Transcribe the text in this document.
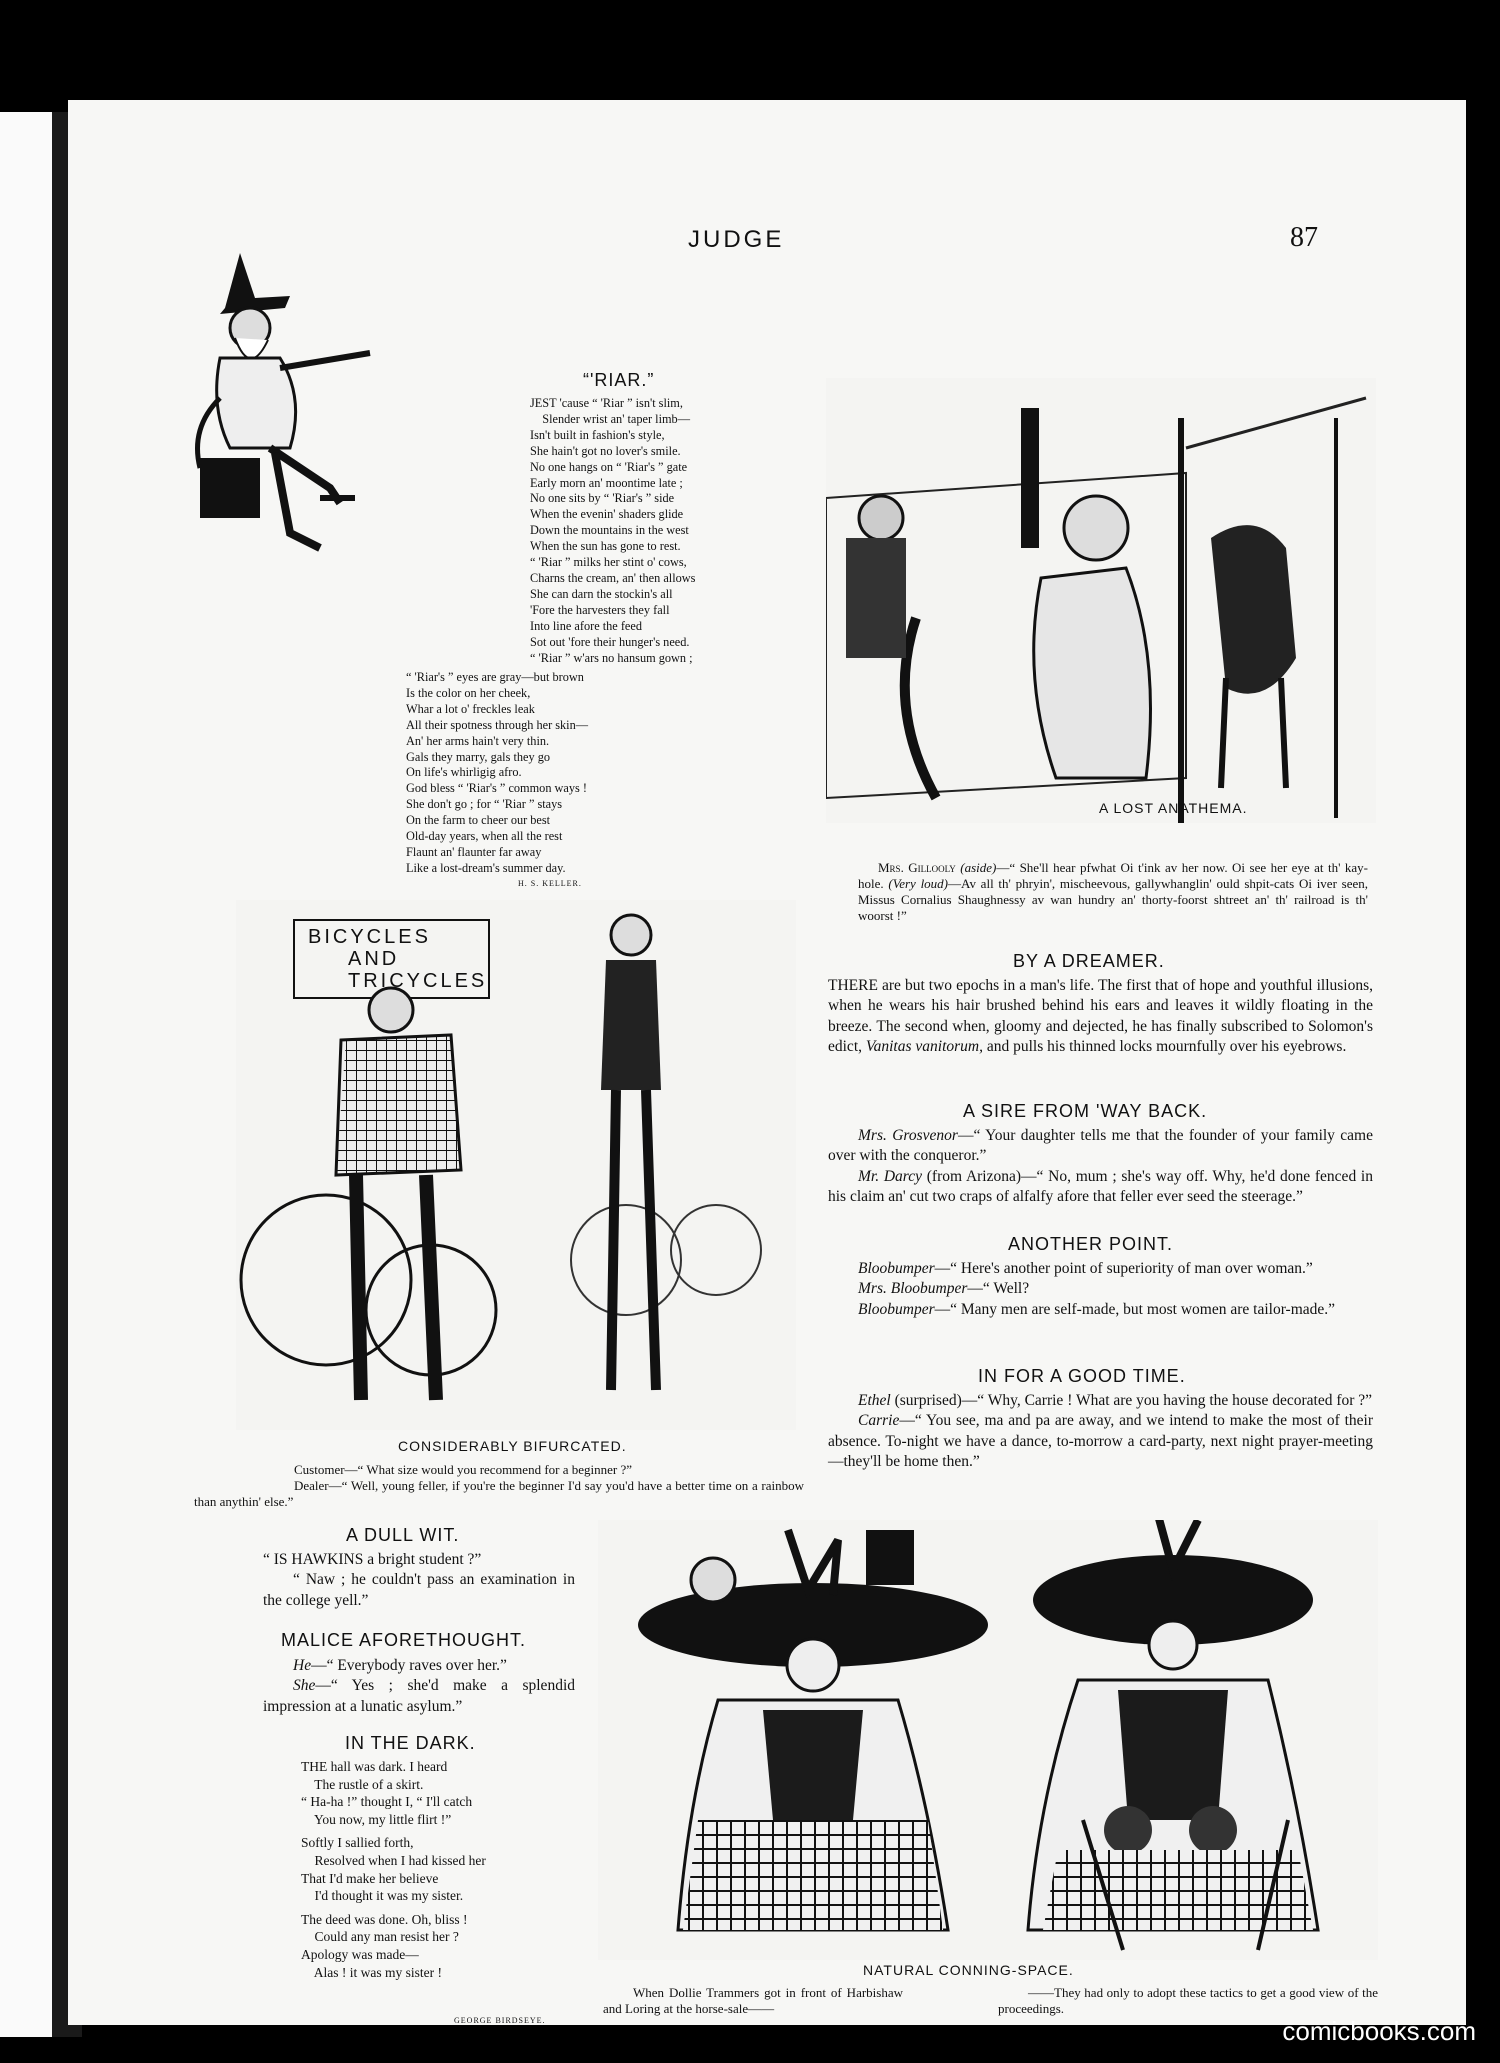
JUDGE	87
“'RIAR.”
JEST 'cause “ 'Riar ” isn't slim,
Slender wrist an' taper limb—
Isn't built in fashion's style,
She hain't got no lover's smile.
No one hangs on “ 'Riar's ” gate
Early morn an' moontime late ;
No one sits by “ 'Riar's ” side
When the evenin' shaders glide
Down the mountains in the west
When the sun has gone to rest.
“ 'Riar ” milks her stint o' cows,
Charns the cream, an' then allows
She can darn the stockin's all
'Fore the harvesters they fall
Into line afore the feed
Sot out 'fore their hunger's need.
“ 'Riar ” w'ars no hansum gown ;
“ 'Riar's ” eyes are gray—but brown
Is the color on her cheek,
Whar a lot o' freckles leak
All their spotness through her skin—
An' her arms hain't very thin.
Gals they marry, gals they go
On life's whirligig afro.
God bless “ 'Riar's ” common ways !
She don't go ; for “ 'Riar ” stays
On the farm to cheer our best
Old-day years, when all the rest
Flaunt an' flaunter far away
Like a lost-dream's summer day.
H. S. KELLER.
A LOST ANATHEMA.
Mrs. Gillooly (aside)—“ She'll hear pfwhat Oi t'ink av her now. Oi see her eye at th' kay-hole. (Very loud)—Av all th' phryin', mischeevous, gallywhanglin' ould shpit-cats Oi iver seen, Missus Cornalius Shaughnessy av wan hundry an' thorty-foorst shtreet an' th' railroad is th' woorst !”
BICYCLES
AND
TRICYCLES
CONSIDERABLY BIFURCATED.
Customer—“ What size would you recommend for a beginner ?”
Dealer—“ Well, young feller, if you're the beginner I'd say you'd have a better time on a rainbow than anythin' else.”
BY A DREAMER.
THERE are but two epochs in a man's life. The first that of hope and youthful illusions, when he wears his hair brushed behind his ears and leaves it wildly floating in the breeze. The second when, gloomy and dejected, he has finally subscribed to Solomon's edict, Vanitas vanitorum, and pulls his thinned locks mournfully over his eyebrows.
A SIRE FROM 'WAY BACK.

Mrs. Grosvenor—“ Your daughter tells me that the founder of your family came over with the conqueror.”

Mr. Darcy (from Arizona)—“ No, mum ; she's way off. Why, he'd done fenced in his claim an' cut two craps of alfalfy afore that feller ever seed the steerage.”

ANOTHER POINT.

Bloobumper—“ Here's another point of superiority of man over woman.”

Mrs. Bloobumper—“ Well?

Bloobumper—“ Many men are self-made, but most women are tailor-made.”

IN FOR A GOOD TIME.

Ethel (surprised)—“ Why, Carrie ! What are you having the house decorated for ?”

Carrie—“ You see, ma and pa are away, and we intend to make the most of their absence. To-night we have a dance, to-morrow a card-party, next night prayer-meeting—they'll be home then.”

A DULL WIT.

“ IS HAWKINS a bright student ?”

“ Naw ; he couldn't pass an examination in the college yell.”

MALICE AFORETHOUGHT.

He—“ Everybody raves over her.”

She—“ Yes ; she'd make a splendid impression at a lunatic asylum.”

IN THE DARK.
THE hall was dark. I heard
The rustle of a skirt.
“ Ha-ha !” thought I, “ I'll catch
You now, my little flirt !”

Softly I sallied forth,
Resolved when I had kissed her
That I'd make her believe
I'd thought it was my sister.

The deed was done. Oh, bliss !
Could any man resist her ?
Apology was made—
Alas ! it was my sister !
GEORGE BIRDSEYE.
NATURAL CONNING-SPACE.
When Dollie Trammers got in front of Harbishaw and Loring at the horse-sale——
——They had only to adopt these tactics to get a good view of the proceedings.
comicbooks.com
